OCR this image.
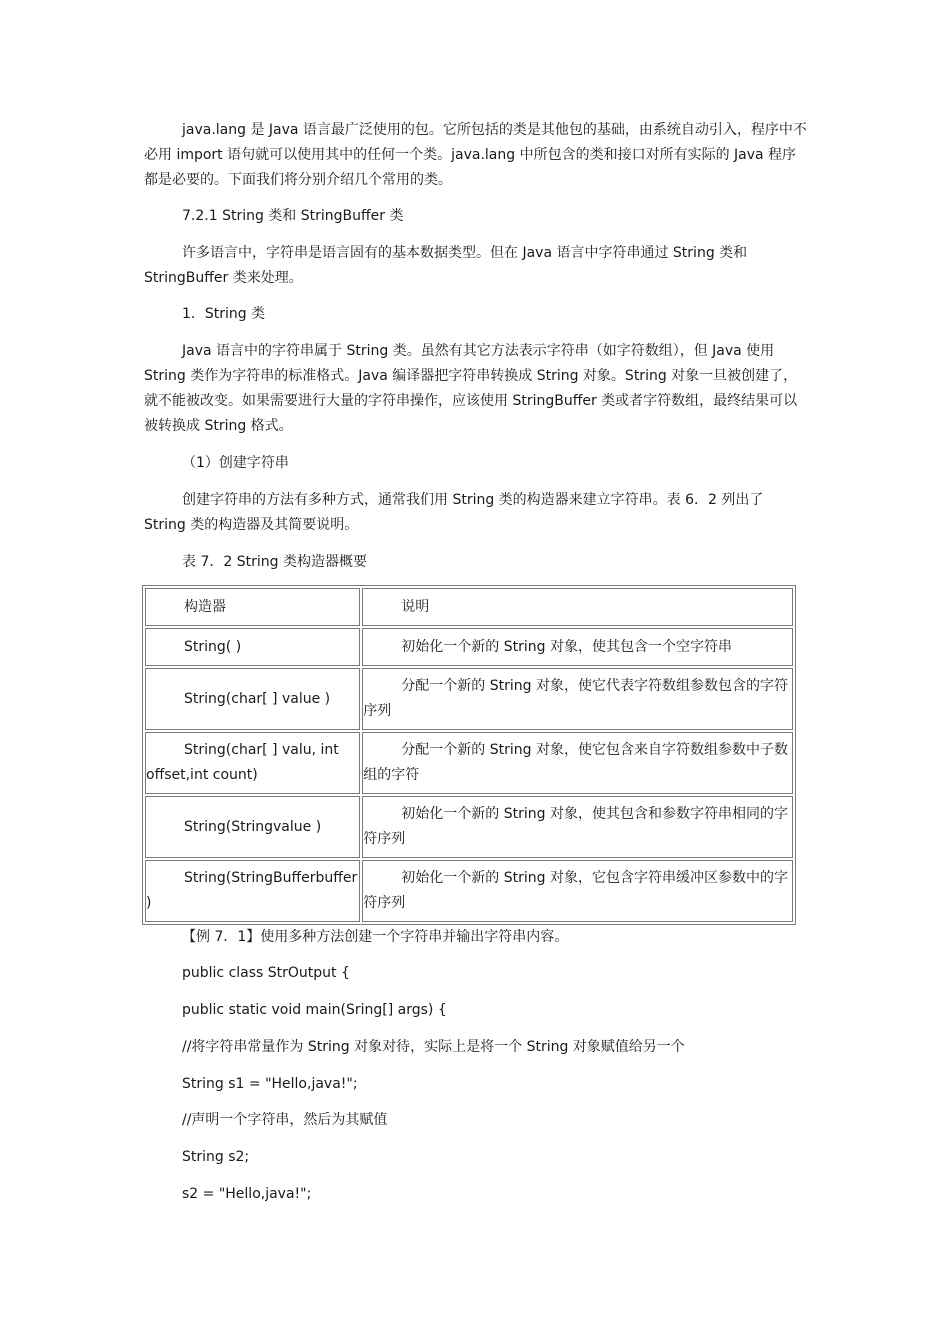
java.lang 是 Java 语言最广泛使用的包。它所包括的类是其他包的基础，由系统自动引入，程序中不必用 import 语句就可以使用其中的任何一个类。java.lang 中所包含的类和接口对所有实际的 Java 程序都是必要的。下面我们将分别介绍几个常用的类。

7.2.1 String 类和 StringBuffer 类

许多语言中，字符串是语言固有的基本数据类型。但在 Java 语言中字符串通过 String 类和 StringBuffer 类来处理。

1．String 类

Java 语言中的字符串属于 String 类。虽然有其它方法表示字符串（如字符数组），但 Java 使用 String 类作为字符串的标准格式。Java 编译器把字符串转换成 String 对象。String 对象一旦被创建了，就不能被改变。如果需要进行大量的字符串操作，应该使用 StringBuffer 类或者字符数组，最终结果可以被转换成 String 格式。

（1）创建字符串

创建字符串的方法有多种方式，通常我们用 String 类的构造器来建立字符串。表 6．2 列出了 String 类的构造器及其简要说明。

表 7．2 String 类构造器概要

构造器	说明

String( )	初始化一个新的 String 对象，使其包含一个空字符串

String(char[ ] value )	分配一个新的 String 对象，使它代表字符数组参数包含的字符序列

String(char[ ] valu, int offset,int count)	分配一个新的 String 对象，使它包含来自字符数组参数中子数组的字符

String(Stringvalue )	初始化一个新的 String 对象，使其包含和参数字符串相同的字符序列

String(StringBufferbuffer )	初始化一个新的 String 对象，它包含字符串缓冲区参数中的字符序列

【例 7．1】使用多种方法创建一个字符串并输出字符串内容。

public class StrOutput {

public static void main(Sring[] args) {

//将字符串常量作为 String 对象对待，实际上是将一个 String 对象赋值给另一个

String s1 = "Hello,java!";

//声明一个字符串，然后为其赋值

String s2;

s2 = "Hello,java!";
